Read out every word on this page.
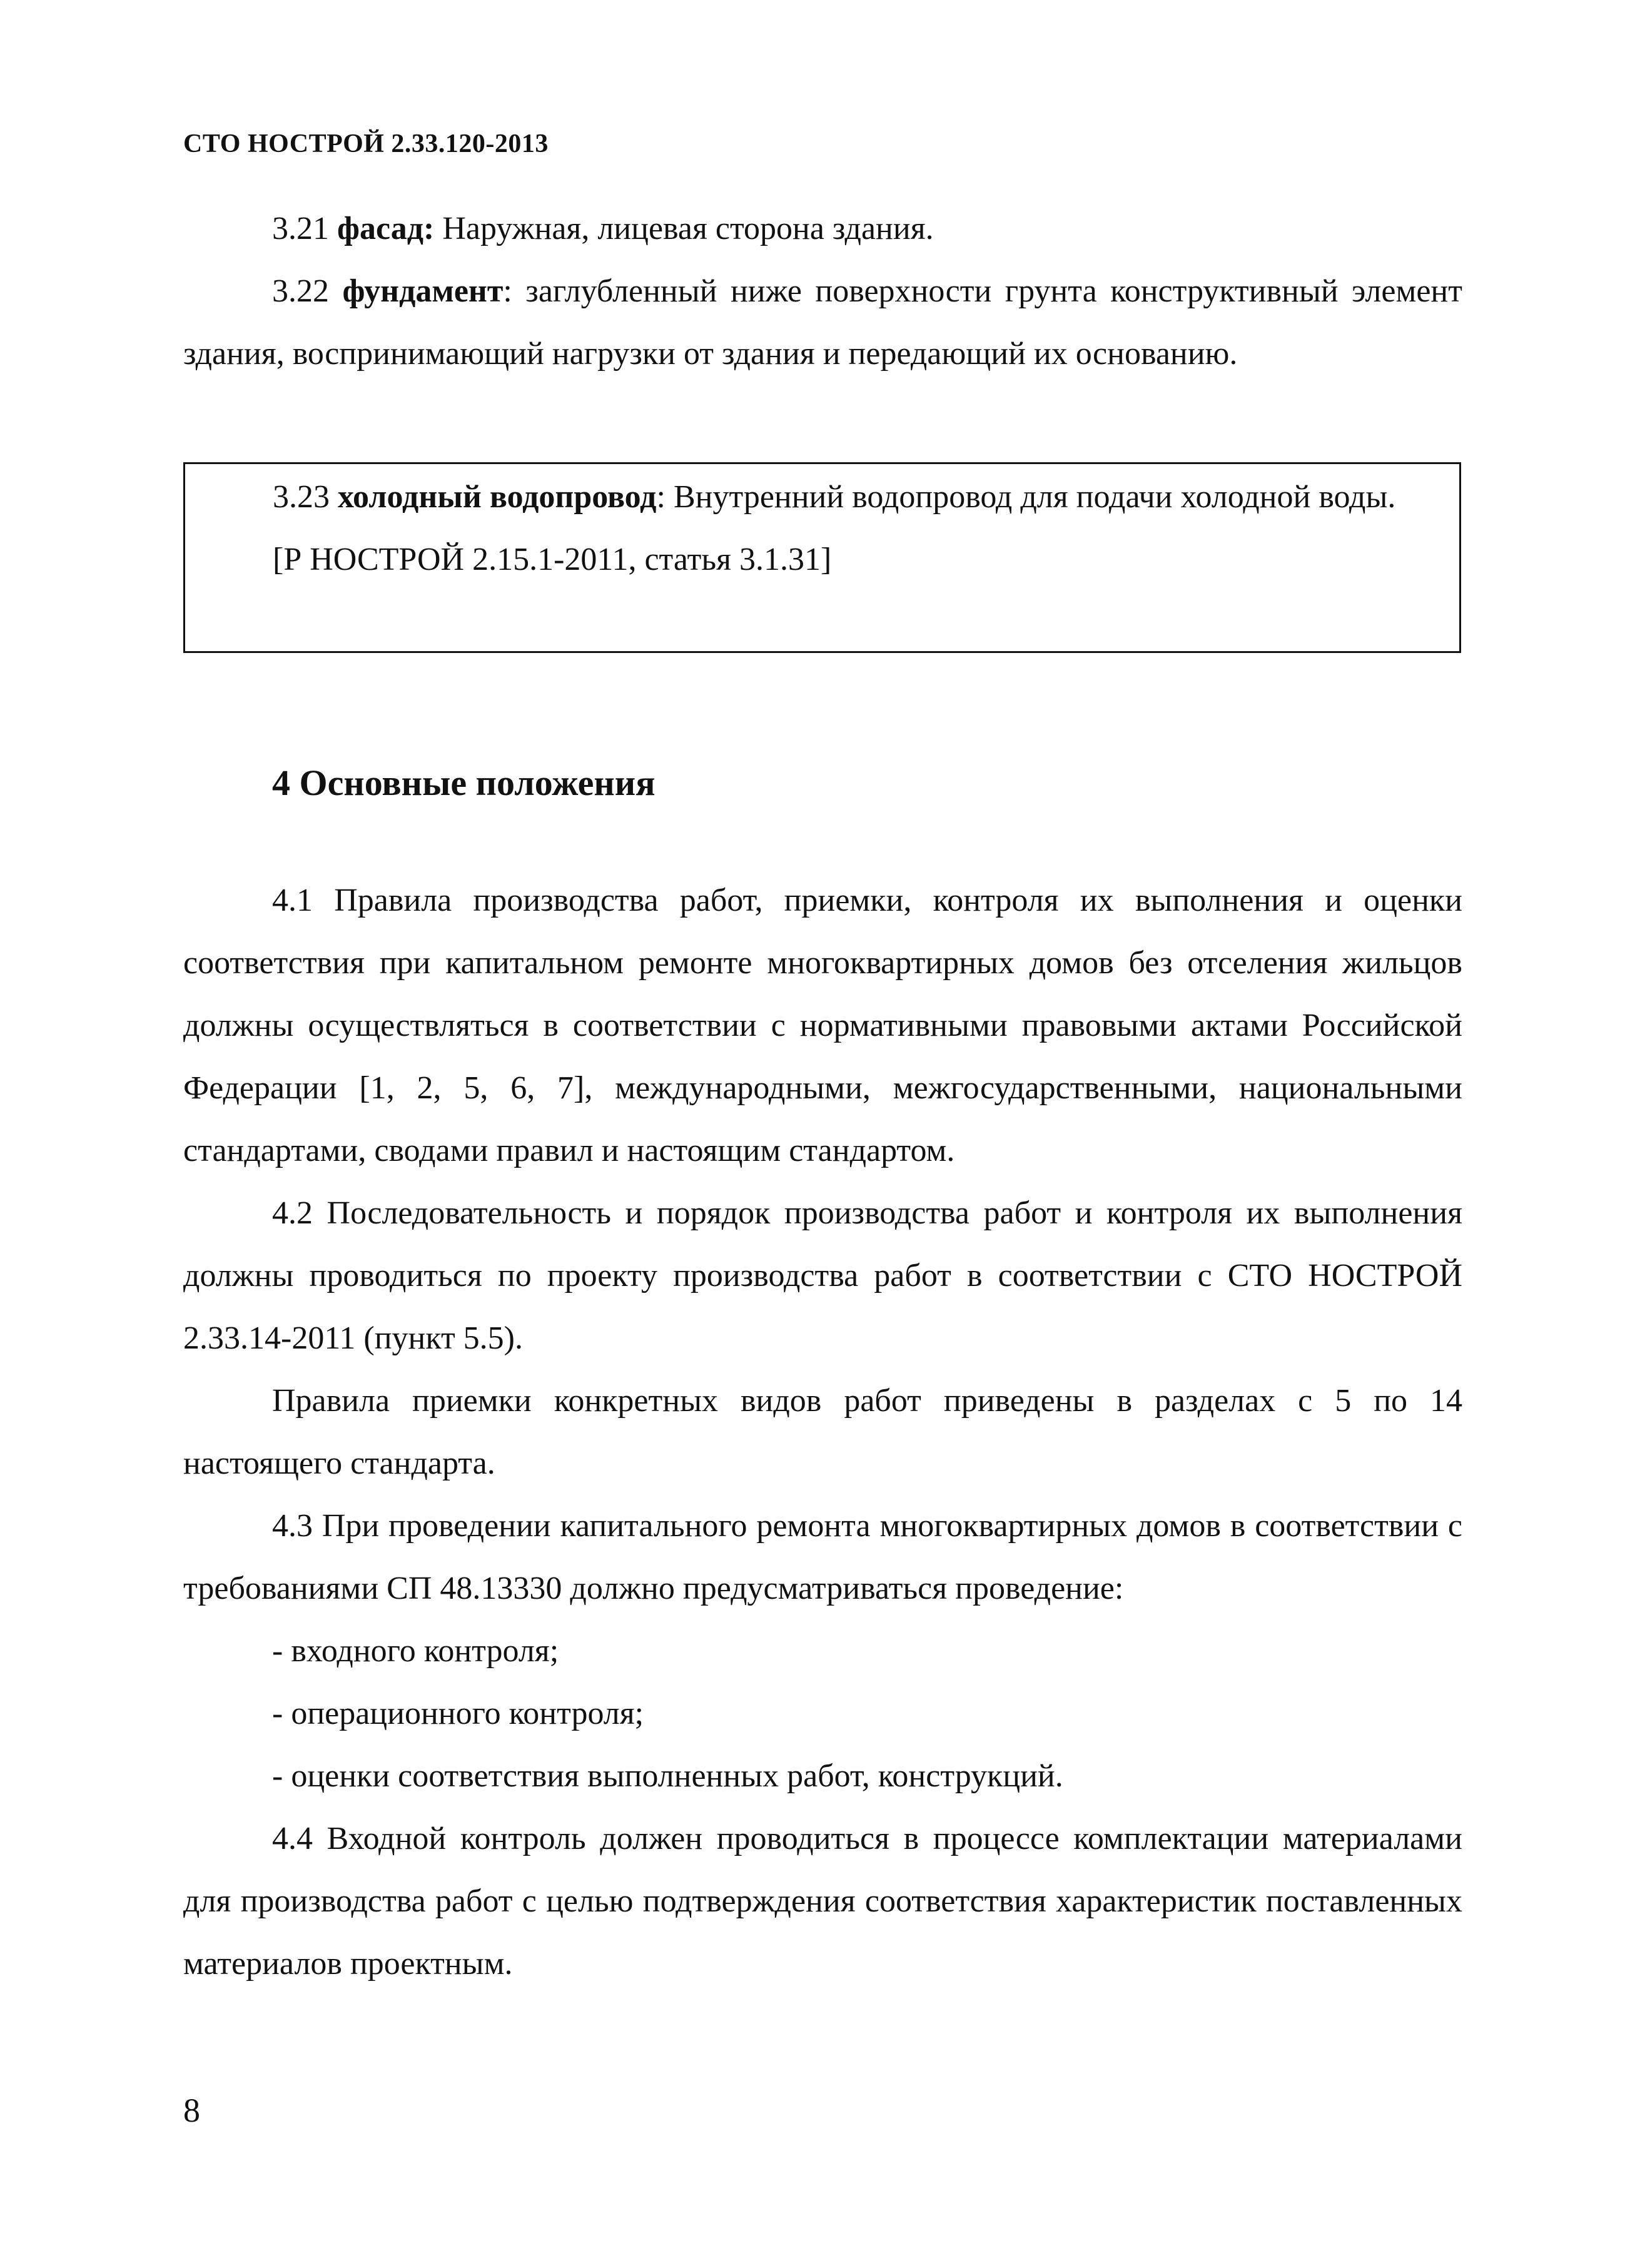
СТО НОСТРОЙ 2.33.120-2013

3.21 фасад: Наружная, лицевая сторона здания.

3.22 фундамент: заглубленный ниже поверхности грунта конструктивный элемент здания, воспринимающий нагрузки от здания и передающий их основанию.

3.23 холодный водопровод: Внутренний водопровод для подачи холодной воды.

[Р НОСТРОЙ 2.15.1-2011, статья 3.1.31]

4 Основные положения

4.1 Правила производства работ, приемки, контроля их выполнения и оценки соответствия при капитальном ремонте многоквартирных домов без отселения жильцов должны осуществляться в соответствии с нормативными правовыми актами Российской Федерации [1, 2, 5, 6, 7], международными, межгосударственными, национальными стандартами, сводами правил и настоящим стандартом.

4.2 Последовательность и порядок производства работ и контроля их выполнения должны проводиться по проекту производства работ в соответствии с СТО НОСТРОЙ 2.33.14-2011 (пункт 5.5).

Правила приемки конкретных видов работ приведены в разделах с 5 по 14 настоящего стандарта.

4.3 При проведении капитального ремонта многоквартирных домов в соответствии с требованиями СП 48.13330 должно предусматриваться проведение:

- входного контроля;

- операционного контроля;

- оценки соответствия выполненных работ, конструкций.

4.4 Входной контроль должен проводиться в процессе комплектации материалами для производства работ с целью подтверждения соответствия характеристик поставленных материалов проектным.

8
